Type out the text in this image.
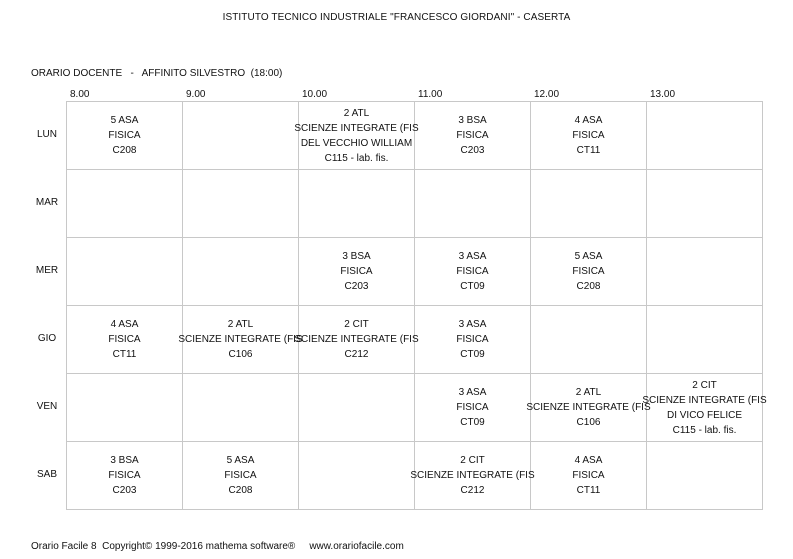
ISTITUTO TECNICO INDUSTRIALE "FRANCESCO GIORDANI" - CASERTA
ORARIO DOCENTE   -   AFFINITO SILVESTRO  (18:00)
8.00	9.00	10.00	11.00	12.00	13.00
LUN
MAR
MER
GIO
VEN
SAB
5 ASA
FISICA
C208		2 ATL
SCIENZE INTEGRATE (FIS
DEL VECCHIO WILLIAM
C115 - lab. fis.	3 BSA
FISICA
C203	4 ASA
FISICA
CT11	

		3 BSA
FISICA
C203	3 ASA
FISICA
CT09	5 ASA
FISICA
C208	

4 ASA
FISICA
CT11	2 ATL
SCIENZE INTEGRATE (FIS
C106	2 CIT
SCIENZE INTEGRATE (FIS
C212	3 ASA
FISICA
CT09		

			3 ASA
FISICA
CT09	2 ATL
SCIENZE INTEGRATE (FIS
C106	2 CIT
SCIENZE INTEGRATE (FIS
DI VICO FELICE
C115 - lab. fis.

3 BSA
FISICA
C203	5 ASA
FISICA
C208		2 CIT
SCIENZE INTEGRATE (FIS
C212	4 ASA
FISICA
CT11	

Orario Facile 8  Copyright© 1999-2016 mathema software® www.orariofacile.com
